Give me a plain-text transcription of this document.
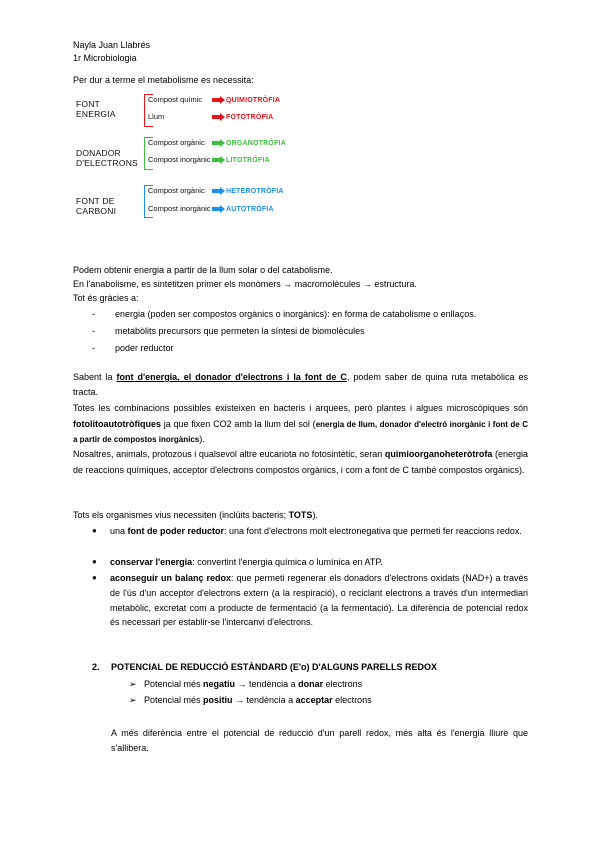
Nayla Juan Llabrés
1r Microbiologia
Per dur a terme el metabolisme es necessita:
FONT
ENERGIA
Compost químic	QUIMIOTRÒFIA
Llum	FOTOTRÒFIA
DONADOR
D'ELECTRONS
Compost orgànic	ORGANOTRÒFIA
Compost inorgànic LITOTRÒFIA
FONT DE
CARBONI
Compost orgànic	HETEROTRÒFIA
Compost inorgànic AUTOTRÒFIA
Podem obtenir energia a partir de la llum solar o del catabolisme.
En l'anabolisme, es sintetitzen primer els monòmers → macromolècules → estructura.
Tot és gràcies a:
- energia (poden ser compostos orgànics o inorgànics): en forma de catabolisme o enllaços.
- metabòlits precursors que permeten la síntesi de biomolècules
- poder reductor

Sabent la font d'energia, el donador d'electrons i la font de C, podem saber de quina ruta metabòlica es tracta.

Totes les combinacions possibles existeixen en bacteris i arquees, però plantes i algues microscòpiques són fotolitoautotròfiques ja que fixen CO2 amb la llum del sol (energia de llum, donador d'electró inorgànic i font de C a partir de compostos inorgànics).

Nosaltres, animals, protozous i qualsevol altre eucariota no fotosintètic, seran quimioorganoheteròtrofa (energia de reaccions químiques, acceptor d'electrons compostos orgànics, i com a font de C també compostos orgànics).

Tots els organismes vius necessiten (inclüits bacteris; TOTS).

● una font de poder reductor: una font d'electrons molt electronegativa que permeti fer reaccions redox.
● conservar l'energia: convertint l'energia química o lumínica en ATP.
● aconseguir un balanç redox: que permeti regenerar els donadors d'electrons oxidats (NAD+) a través de l'ús d'un acceptor d'electrons extern (a la respiració), o reciclant electrons a través d'un intermediari metabòlic, excretat com a producte de fermentació (a la fermentació). La diferència de potencial redox és necessari per establir-se l'intercanvi d'electrons.
2. POTENCIAL DE REDUCCIÓ ESTÀNDARD (E'o) D'ALGUNS PARELLS REDOX
➢ Potencial més negatiu → tendència a donar electrons
➢ Potencial més positiu → tendència a acceptar electrons
A més diferència entre el potencial de reducció d'un parell redox, més alta és l'energia lliure que s'allibera.
